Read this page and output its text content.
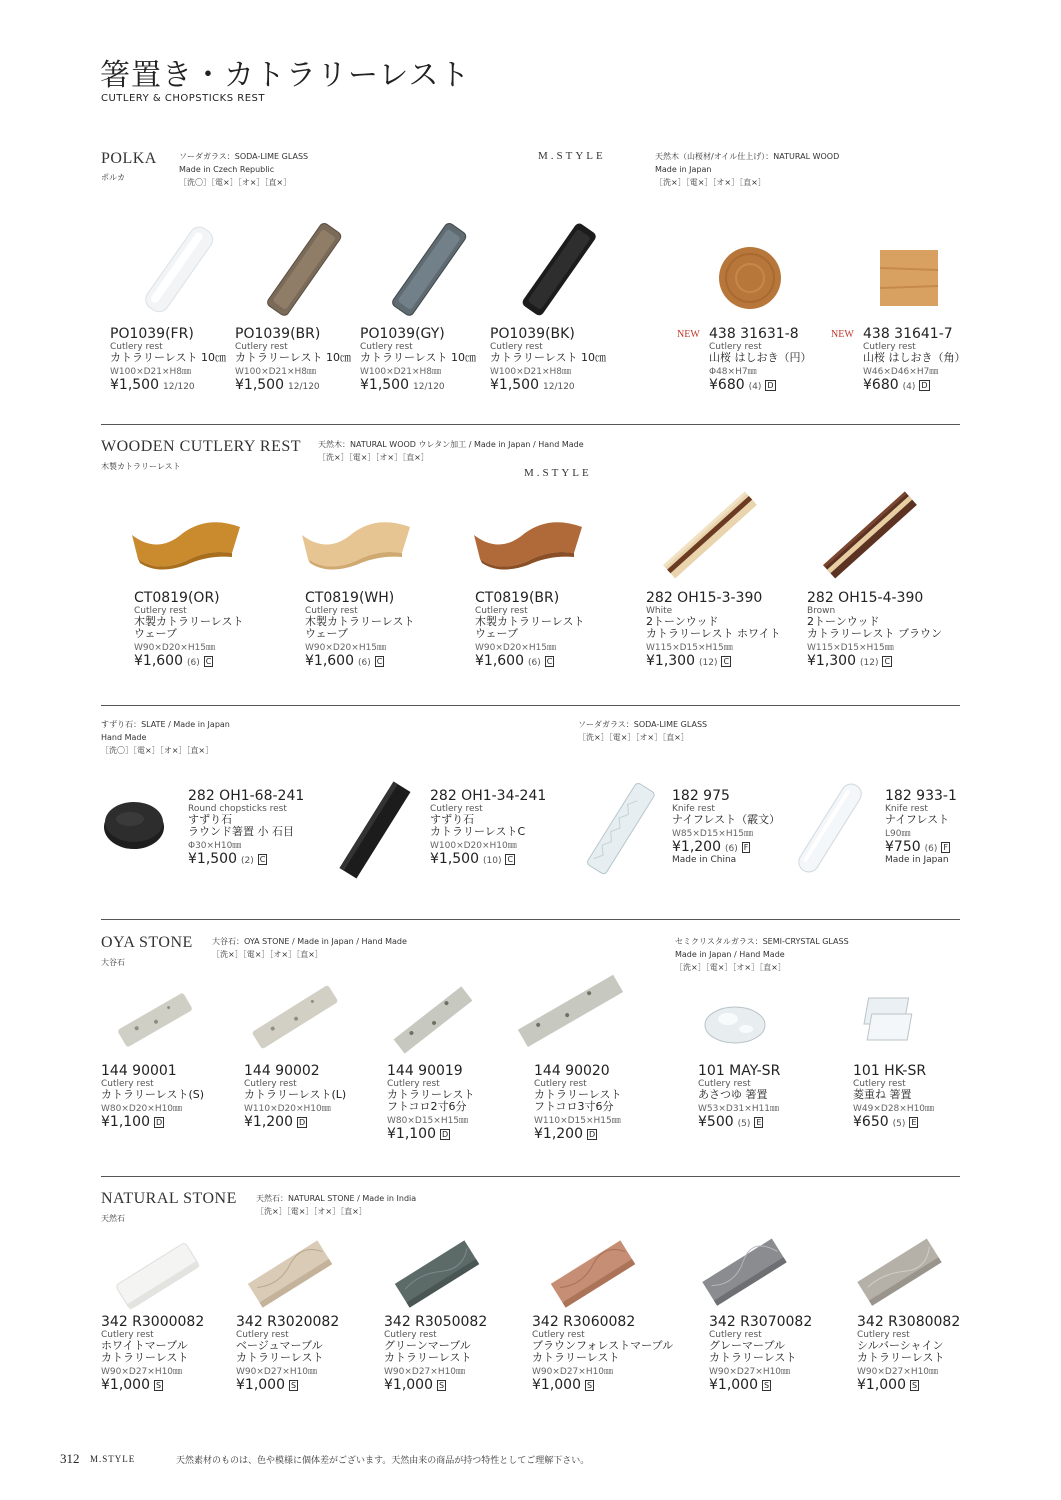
箸置き・カトラリーレスト
CUTLERY & CHOPSTICKS REST
POLKA
ポルカ
ソーダガラス：SODA-LIME GLASS
Made in Czech Republic
［洗〇］［電×］［オ×］［直×］
M.STYLE	天然木（山桜材/オイル仕上げ）：NATURAL WOOD
Made in Japan
［洗×］［電×］［オ×］［直×］
PO1039(FR)
Cutlery rest
カトラリーレスト 10㎝
W100×D21×H8㎜
¥1,500 12/120
PO1039(BR)
Cutlery rest
カトラリーレスト 10㎝
W100×D21×H8㎜
¥1,500 12/120
PO1039(GY)
Cutlery rest
カトラリーレスト 10㎝
W100×D21×H8㎜
¥1,500 12/120
PO1039(BK)
Cutlery rest
カトラリーレスト 10㎝
W100×D21×H8㎜
¥1,500 12/120
NEW 438 31631-8
Cutlery rest
山桜 はしおき（円）
Φ48×H7㎜
¥680 (4) D
NEW 438 31641-7
Cutlery rest
山桜 はしおき（角）
W46×D46×H7㎜
¥680 (4) D
WOODEN CUTLERY REST
木製カトラリーレスト
天然木：NATURAL WOOD ウレタン加工 / Made in Japan / Hand Made
［洗×］［電×］［オ×］［直×］
M.STYLE
CT0819(OR)
Cutlery rest
木製カトラリーレスト
ウェーブ
W90×D20×H15㎜
¥1,600 (6) C
CT0819(WH)
Cutlery rest
木製カトラリーレスト
ウェーブ
W90×D20×H15㎜
¥1,600 (6) C
CT0819(BR)
Cutlery rest
木製カトラリーレスト
ウェーブ
W90×D20×H15㎜
¥1,600 (6) C
282 OH15-3-390
White
2トーンウッド
カトラリーレスト ホワイト
W115×D15×H15㎜
¥1,300 (12) C
282 OH15-4-390
Brown
2トーンウッド
カトラリーレスト ブラウン
W115×D15×H15㎜
¥1,300 (12) C
すずり石：SLATE / Made in Japan
Hand Made
［洗〇］［電×］［オ×］［直×］
ソーダガラス：SODA-LIME GLASS
［洗×］［電×］［オ×］［直×］
282 OH1-68-241
Round chopsticks rest
すずり石
ラウンド箸置 小 石目
Φ30×H10㎜
¥1,500 (2) C
282 OH1-34-241
Cutlery rest
すずり石
カトラリーレストC
W100×D20×H10㎜
¥1,500 (10) C
182 975
Knife rest
ナイフレスト（霰文）
W85×D15×H15㎜
¥1,200 (6) F
Made in China
182 933-1
Knife rest
ナイフレスト
L90㎜
¥750 (6) F
Made in Japan
OYA STONE
大谷石
大谷石：OYA STONE / Made in Japan / Hand Made
［洗×］［電×］［オ×］［直×］
セミクリスタルガラス：SEMI-CRYSTAL GLASS
Made in Japan / Hand Made
［洗×］［電×］［オ×］［直×］
144 90001
Cutlery rest
カトラリーレスト(S)
W80×D20×H10㎜
¥1,100 D
144 90002
Cutlery rest
カトラリーレスト(L)
W110×D20×H10㎜
¥1,200 D
144 90019
Cutlery rest
カトラリーレスト
フトコロ2寸6分
W80×D15×H15㎜
¥1,100 D
144 90020
Cutlery rest
カトラリーレスト
フトコロ3寸6分
W110×D15×H15㎜
¥1,200 D
101 MAY-SR
Cutlery rest
あさつゆ 箸置
W53×D31×H11㎜
¥500 (5) E
101 HK-SR
Cutlery rest
菱重ね 箸置
W49×D28×H10㎜
¥650 (5) E
NATURAL STONE
天然石
天然石：NATURAL STONE / Made in India
［洗×］［電×］［オ×］［直×］
342 R3000082
Cutlery rest
ホワイトマーブル
カトラリーレスト
W90×D27×H10㎜
¥1,000 S
342 R3020082
Cutlery rest
ベージュマーブル
カトラリーレスト
W90×D27×H10㎜
¥1,000 S
342 R3050082
Cutlery rest
グリーンマーブル
カトラリーレスト
W90×D27×H10㎜
¥1,000 S
342 R3060082
Cutlery rest
ブラウンフォレストマーブル
カトラリーレスト
W90×D27×H10㎜
¥1,000 S
342 R3070082
Cutlery rest
グレーマーブル
カトラリーレスト
W90×D27×H10㎜
¥1,000 S
342 R3080082
Cutlery rest
シルバーシャイン
カトラリーレスト
W90×D27×H10㎜
¥1,000 S
312 M.STYLE	天然素材のものは、色や模様に個体差がございます。天然由来の商品が持つ特性としてご理解下さい。
